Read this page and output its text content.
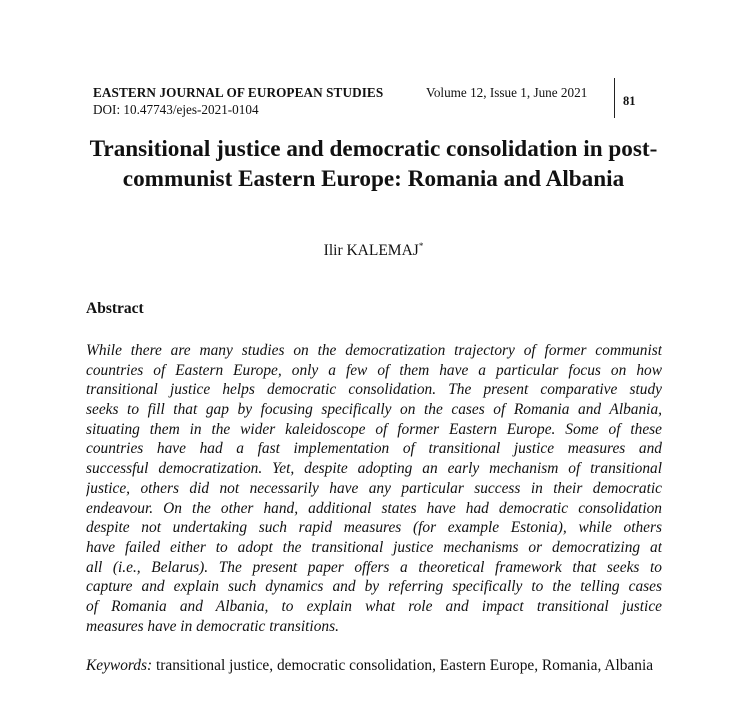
EASTERN JOURNAL OF EUROPEAN STUDIES	Volume 12, Issue 1, June 2021
DOI: 10.47743/ejes-2021-0104
81
Transitional justice and democratic consolidation in post-communist Eastern Europe: Romania and Albania
Ilir KALEMAJ*
Abstract
While there are many studies on the democratization trajectory of former communist
countries of Eastern Europe, only a few of them have a particular focus on how
transitional justice helps democratic consolidation. The present comparative study
seeks to fill that gap by focusing specifically on the cases of Romania and Albania,
situating them in the wider kaleidoscope of former Eastern Europe. Some of these
countries have had a fast implementation of transitional justice measures and
successful democratization. Yet, despite adopting an early mechanism of transitional
justice, others did not necessarily have any particular success in their democratic
endeavour. On the other hand, additional states have had democratic consolidation
despite not undertaking such rapid measures (for example Estonia), while others
have failed either to adopt the transitional justice mechanisms or democratizing at
all (i.e., Belarus). The present paper offers a theoretical framework that seeks to
capture and explain such dynamics and by referring specifically to the telling cases
of Romania and Albania, to explain what role and impact transitional justice
measures have in democratic transitions.
Keywords: transitional justice, democratic consolidation, Eastern Europe, Romania, Albania
